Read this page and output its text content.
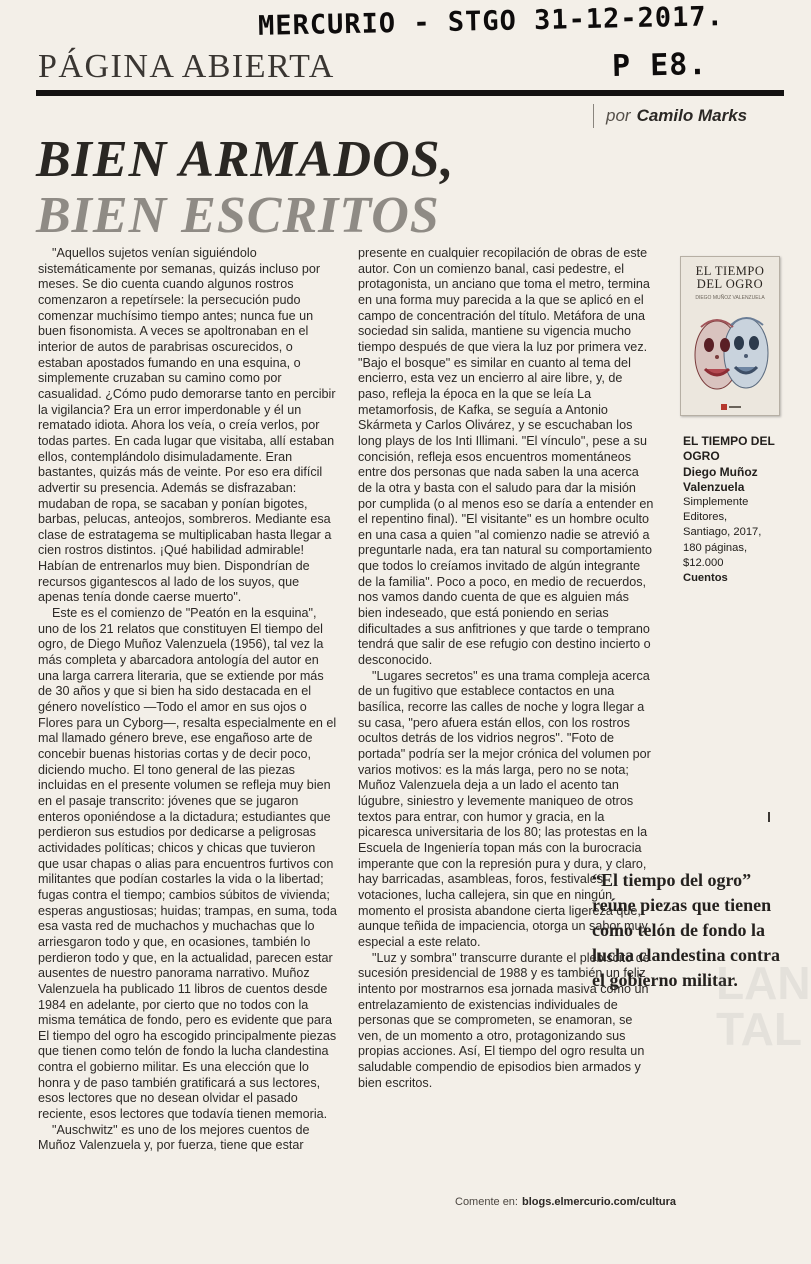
MERCURIO - STGO 31-12-2017.
P E8.
PÁGINA ABIERTA
por Camilo Marks
BIEN ARMADOS,
BIEN ESCRITOS

"Aquellos sujetos venían siguiéndolo sistemáticamente por semanas, quizás incluso por meses. Se dio cuenta cuando algunos rostros comenzaron a repetírsele: la persecución pudo comenzar muchísimo tiempo antes; nunca fue un buen fisonomista. A veces se apoltronaban en el interior de autos de parabrisas oscurecidos, o estaban apostados fumando en una esquina, o simplemente cruzaban su camino como por casualidad. ¿Cómo pudo demorarse tanto en percibir la vigilancia? Era un error imperdonable y él un rematado idiota. Ahora los veía, o creía verlos, por todas partes. En cada lugar que visitaba, allí estaban ellos, contemplándolo disimuladamente. Eran bastantes, quizás más de veinte. Por eso era difícil advertir su presencia. Además se disfrazaban: mudaban de ropa, se sacaban y ponían bigotes, barbas, pelucas, anteojos, sombreros. Mediante esa clase de estratagema se multiplicaban hasta llegar a cien rostros distintos. ¡Qué habilidad admirable! Habían de entrenarlos muy bien. Dispondrían de recursos gigantescos al lado de los suyos, que apenas tenía donde caerse muerto".

Este es el comienzo de "Peatón en la esquina", uno de los 21 relatos que constituyen El tiempo del ogro, de Diego Muñoz Valenzuela (1956), tal vez la más completa y abarcadora antología del autor en una larga carrera literaria, que se extiende por más de 30 años y que si bien ha sido destacada en el género novelístico —Todo el amor en sus ojos o Flores para un Cyborg—, resalta especialmente en el mal llamado género breve, ese engañoso arte de concebir buenas historias cortas y de decir poco, diciendo mucho. El tono general de las piezas incluidas en el presente volumen se refleja muy bien en el pasaje transcrito: jóvenes que se jugaron enteros oponiéndose a la dictadura; estudiantes que perdieron sus estudios por dedicarse a peligrosas actividades políticas; chicos y chicas que tuvieron que usar chapas o alias para encuentros furtivos con militantes que podían costarles la vida o la libertad; fugas contra el tiempo; cambios súbitos de vivienda; esperas angustiosas; huidas; trampas, en suma, toda esa vasta red de muchachos y muchachas que lo arriesgaron todo y que, en ocasiones, también lo perdieron todo y que, en la actualidad, parecen estar ausentes de nuestro panorama narrativo. Muñoz Valenzuela ha publicado 11 libros de cuentos desde 1984 en adelante, por cierto que no todos con la misma temática de fondo, pero es evidente que para El tiempo del ogro ha escogido principalmente piezas que tienen como telón de fondo la lucha clandestina contra el gobierno militar. Es una elección que lo honra y de paso también gratificará a sus lectores, esos lectores que no desean olvidar el pasado reciente, esos lectores que todavía tienen memoria.

"Auschwitz" es uno de los mejores cuentos de Muñoz Valenzuela y, por fuerza, tiene que estar

presente en cualquier recopilación de obras de este autor. Con un comienzo banal, casi pedestre, el protagonista, un anciano que toma el metro, termina en una forma muy parecida a la que se aplicó en el campo de concentración del título. Metáfora de una sociedad sin salida, mantiene su vigencia mucho tiempo después de que viera la luz por primera vez. "Bajo el bosque" es similar en cuanto al tema del encierro, esta vez un encierro al aire libre, y, de paso, refleja la época en la que se leía La metamorfosis, de Kafka, se seguía a Antonio Skármeta y Carlos Olivárez, y se escuchaban los long plays de los Inti Illimani. "El vínculo", pese a su concisión, refleja esos encuentros momentáneos entre dos personas que nada saben la una acerca de la otra y basta con el saludo para dar la misión por cumplida (o al menos eso se daría a entender en el repentino final). "El visitante" es un hombre oculto en una casa a quien "al comienzo nadie se atrevió a preguntarle nada, era tan natural su comportamiento que todos lo creíamos invitado de algún integrante de la familia". Poco a poco, en medio de recuerdos, nos vamos dando cuenta de que es alguien más bien indeseado, que está poniendo en serias dificultades a sus anfitriones y que tarde o temprano tendrá que salir de ese refugio con destino incierto o desconocido.

"Lugares secretos" es una trama compleja acerca de un fugitivo que establece contactos en una basílica, recorre las calles de noche y logra llegar a su casa, "pero afuera están ellos, con los rostros ocultos detrás de los vidrios negros". "Foto de portada" podría ser la mejor crónica del volumen por varios motivos: es la más larga, pero no se nota; Muñoz Valenzuela deja a un lado el acento tan lúgubre, siniestro y levemente maniqueo de otros textos para entrar, con humor y gracia, en la picaresca universitaria de los 80; las protestas en la Escuela de Ingeniería topan más con la burocracia imperante que con la represión pura y dura, y claro, hay barricadas, asambleas, foros, festivales, votaciones, lucha callejera, sin que en ningún momento el prosista abandone cierta ligereza que, aunque teñida de impaciencia, otorga un sabor muy especial a este relato.

"Luz y sombra" transcurre durante el plebiscito de sucesión presidencial de 1988 y es también un feliz intento por mostrarnos esa jornada masiva como un entrelazamiento de existencias individuales de personas que se comprometen, se enamoran, se ven, de un momento a otro, protagonizando sus propias acciones. Así, El tiempo del ogro resulta un saludable compendio de episodios bien armados y bien escritos.

EL TIEMPO
DEL OGRO
DIEGO MUÑOZ VALENZUELA
EL TIEMPO DEL OGRO
Diego Muñoz Valenzuela
Simplemente Editores,
Santiago, 2017,
180 páginas,
$12.000
Cuentos
“El tiempo del ogro” reúne piezas que tienen como telón de fondo la lucha clandestina contra el gobierno militar.
LAN
TAL
Comente en: blogs.elmercurio.com/cultura
